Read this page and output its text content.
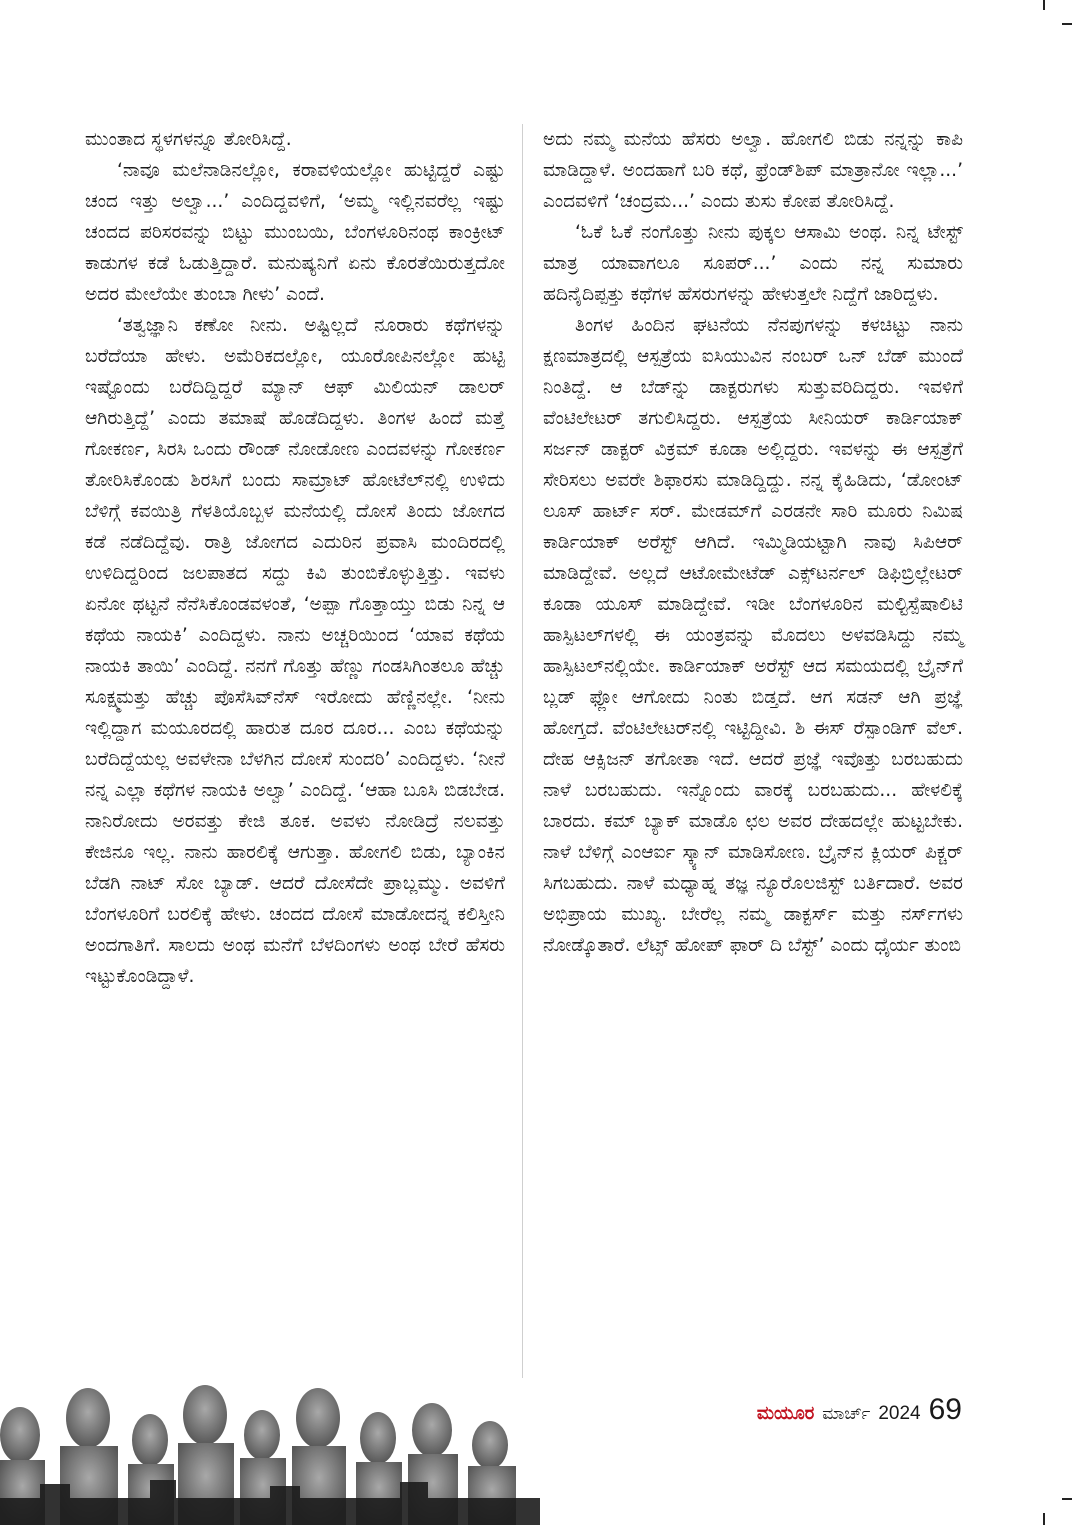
ಮುಂತಾದ ಸ್ಥಳಗಳನ್ನೂ ತೋರಿಸಿದ್ದೆ.

‘ನಾವೂ ಮಲೆನಾಡಿನಲ್ಲೋ, ಕರಾವಳಿಯಲ್ಲೋ ಹುಟ್ಟಿದ್ದರೆ ಎಷ್ಟು ಚಂದ ಇತ್ತು ಅಲ್ವಾ...’ ಎಂದಿದ್ದವಳಿಗೆ, ‘ಅಮ್ಮ ಇಲ್ಲಿನವರೆಲ್ಲ ಇಷ್ಟು ಚಂದದ ಪರಿಸರವನ್ನು ಬಿಟ್ಟು ಮುಂಬಯಿ, ಬೆಂಗಳೂರಿನಂಥ ಕಾಂಕ್ರೀಟ್ ಕಾಡುಗಳ ಕಡೆ ಓಡುತ್ತಿದ್ದಾರೆ. ಮನುಷ್ಯನಿಗೆ ಏನು ಕೊರತೆಯಿರುತ್ತದೋ ಅದರ ಮೇಲೆಯೇ ತುಂಬಾ ಗೀಳು’ ಎಂದೆ.

‘ತತ್ವಜ್ಞಾನಿ ಕಣೋ ನೀನು. ಅಷ್ಟಿಲ್ಲದೆ ನೂರಾರು ಕಥೆಗಳನ್ನು ಬರೆದೆಯಾ ಹೇಳು. ಅಮೆರಿಕದಲ್ಲೋ, ಯೂರೋಪಿನಲ್ಲೋ ಹುಟ್ಟಿ ಇಷ್ಟೊಂದು ಬರೆದಿದ್ದಿದ್ದರೆ ಮ್ಯಾನ್ ಆಫ್ ಮಿಲಿಯನ್ ಡಾಲರ್ ಆಗಿರುತ್ತಿದ್ದೆ’ ಎಂದು ತಮಾಷೆ ಹೊಡೆದಿದ್ದಳು. ತಿಂಗಳ ಹಿಂದೆ ಮತ್ತೆ ಗೋಕರ್ಣ, ಸಿರಸಿ ಒಂದು ರೌಂಡ್ ನೋಡೋಣ ಎಂದವಳನ್ನು ಗೋಕರ್ಣ ತೋರಿಸಿಕೊಂಡು ಶಿರಸಿಗೆ ಬಂದು ಸಾಮ್ರಾಟ್ ಹೋಟೆಲ್‌ನಲ್ಲಿ ಉಳಿದು ಬೆಳಿಗ್ಗೆ ಕವಯಿತ್ರಿ ಗೆಳತಿಯೊಬ್ಬಳ ಮನೆಯಲ್ಲಿ ದೋಸೆ ತಿಂದು ಜೋಗದ ಕಡೆ ನಡೆದಿದ್ದೆವು. ರಾತ್ರಿ ಜೋಗದ ಎದುರಿನ ಪ್ರವಾಸಿ ಮಂದಿರದಲ್ಲಿ ಉಳಿದಿದ್ದರಿಂದ ಜಲಪಾತದ ಸದ್ದು ಕಿವಿ ತುಂಬಿಕೊಳ್ಳುತ್ತಿತ್ತು. ಇವಳು ಏನೋ ಥಟ್ಟನೆ ನೆನೆಸಿಕೊಂಡವಳಂತೆ, ‘ಅಪ್ಪಾ ಗೊತ್ತಾಯ್ತು ಬಿಡು ನಿನ್ನ ಆ ಕಥೆಯ ನಾಯಕಿ’ ಎಂದಿದ್ದಳು. ನಾನು ಅಚ್ಚರಿಯಿಂದ ‘ಯಾವ ಕಥೆಯ ನಾಯಕಿ ತಾಯಿ’ ಎಂದಿದ್ದೆ. ನನಗೆ ಗೊತ್ತು ಹೆಣ್ಣು ಗಂಡಸಿಗಿಂತಲೂ ಹೆಚ್ಚು ಸೂಕ್ಷ್ಮಮತ್ತು ಹೆಚ್ಚು ಪೊಸೆಸಿವ್‌ನೆಸ್ ಇರೋದು ಹೆಣ್ಣಿನಲ್ಲೇ. ‘ನೀನು ಇಲ್ಲಿದ್ದಾಗ ಮಯೂರದಲ್ಲಿ ಹಾರುತ ದೂರ ದೂರ... ಎಂಬ ಕಥೆಯನ್ನು ಬರೆದಿದ್ದೆಯಲ್ಲ ಅವಳೇನಾ ಬೆಳಗಿನ ದೋಸೆ ಸುಂದರಿ’ ಎಂದಿದ್ದಳು. ‘ನೀನೆ ನನ್ನ ಎಲ್ಲಾ ಕಥೆಗಳ ನಾಯಕಿ ಅಲ್ವಾ’ ಎಂದಿದ್ದೆ. ‘ಆಹಾ ಬೂಸಿ ಬಿಡಬೇಡ. ನಾನಿರೋದು ಅರವತ್ತು ಕೇಜಿ ತೂಕ. ಅವಳು ನೋಡಿದ್ರೆ ನಲವತ್ತು ಕೇಜಿನೂ ಇಲ್ಲ. ನಾನು ಹಾರಲಿಕ್ಕೆ ಆಗುತ್ತಾ. ಹೋಗಲಿ ಬಿಡು, ಬ್ಯಾಂಕಿನ ಬೆಡಗಿ ನಾಟ್ ಸೋ ಬ್ಯಾಡ್. ಆದರೆ ದೋಸೆದೇ ಪ್ರಾಬ್ಲಮ್ಮು. ಅವಳಿಗೆ ಬೆಂಗಳೂರಿಗೆ ಬರಲಿಕ್ಕೆ ಹೇಳು. ಚಂದದ ದೋಸೆ ಮಾಡೋದನ್ನ ಕಲಿಸ್ತೀನಿ ಅಂದಗಾತಿಗೆ. ಸಾಲದು ಅಂಥ ಮನೆಗೆ ಬೆಳದಿಂಗಳು ಅಂಥ ಬೇರೆ ಹೆಸರು ಇಟ್ಟುಕೊಂಡಿದ್ದಾಳೆ.

ಅದು ನಮ್ಮ ಮನೆಯ ಹೆಸರು ಅಲ್ವಾ. ಹೋಗಲಿ ಬಿಡು ನನ್ನನ್ನು ಕಾಪಿ ಮಾಡಿದ್ದಾಳೆ. ಅಂದಹಾಗೆ ಬರಿ ಕಥೆ, ಫ್ರೆಂಡ್‌ಶಿಪ್ ಮಾತ್ರಾನೋ ಇಲ್ಲಾ...’ ಎಂದವಳಿಗೆ ‘ಚಂದ್ರಮ...’ ಎಂದು ತುಸು ಕೋಪ ತೋರಿಸಿದ್ದೆ.

‘ಓಕೆ ಓಕೆ ನಂಗೊತ್ತು ನೀನು ಪುಕ್ಕಲ ಆಸಾಮಿ ಅಂಥ. ನಿನ್ನ ಟೇಸ್ಟ್ ಮಾತ್ರ ಯಾವಾಗಲೂ ಸೂಪರ್...’ ಎಂದು ನನ್ನ ಸುಮಾರು ಹದಿನೈದಿಪ್ಪತ್ತು ಕಥೆಗಳ ಹೆಸರುಗಳನ್ನು ಹೇಳುತ್ತಲೇ ನಿದ್ದೆಗೆ ಜಾರಿದ್ದಳು.

ತಿಂಗಳ ಹಿಂದಿನ ಘಟನೆಯ ನೆನಪುಗಳನ್ನು ಕಳಚಿಟ್ಟು ನಾನು ಕ್ಷಣಮಾತ್ರದಲ್ಲಿ ಆಸ್ಪತ್ರೆಯ ಐಸಿಯುವಿನ ನಂಬರ್ ಒನ್ ಬೆಡ್ ಮುಂದೆ ನಿಂತಿದ್ದೆ. ಆ ಬೆಡ್‌ನ್ನು ಡಾಕ್ಟರುಗಳು ಸುತ್ತುವರಿದಿದ್ದರು. ಇವಳಿಗೆ ವೆಂಟಿಲೇಟರ್ ತಗುಲಿಸಿದ್ದರು. ಆಸ್ಪತ್ರೆಯ ಸೀನಿಯರ್ ಕಾರ್ಡಿಯಾಕ್ ಸರ್ಜನ್ ಡಾಕ್ಟರ್ ವಿಕ್ರಮ್ ಕೂಡಾ ಅಲ್ಲಿದ್ದರು. ಇವಳನ್ನು ಈ ಆಸ್ಪತ್ರೆಗೆ ಸೇರಿಸಲು ಅವರೇ ಶಿಫಾರಸು ಮಾಡಿದ್ದಿದ್ದು. ನನ್ನ ಕೈಹಿಡಿದು, ‘ಡೋಂಟ್ ಲೂಸ್ ಹಾರ್ಟ್ ಸರ್. ಮೇಡಮ್‌ಗೆ ಎರಡನೇ ಸಾರಿ ಮೂರು ನಿಮಿಷ ಕಾರ್ಡಿಯಾಕ್ ಅರೆಸ್ಟ್ ಆಗಿದೆ. ಇಮ್ಮಿಡಿಯಟ್ಟಾಗಿ ನಾವು ಸಿಪಿಆರ್ ಮಾಡಿದ್ದೇವೆ. ಅಲ್ಲದೆ ಆಟೋಮೇಟೆಡ್ ಎಕ್ಸ್‌ಟರ್ನಲ್ ಡಿಫಿಬ್ರಿಲ್ಲೇಟರ್ ಕೂಡಾ ಯೂಸ್ ಮಾಡಿದ್ದೇವೆ. ಇಡೀ ಬೆಂಗಳೂರಿನ ಮಲ್ಟಿಸ್ಪೆಷಾಲಿಟಿ ಹಾಸ್ಪಿಟಲ್‌ಗಳಲ್ಲಿ ಈ ಯಂತ್ರವನ್ನು ಮೊದಲು ಅಳವಡಿಸಿದ್ದು ನಮ್ಮ ಹಾಸ್ಪಿಟಲ್‌ನಲ್ಲಿಯೇ. ಕಾರ್ಡಿಯಾಕ್ ಅರೆಸ್ಟ್ ಆದ ಸಮಯದಲ್ಲಿ ಬ್ರೈನ್‌ಗೆ ಬ್ಲಡ್ ಫ್ಲೋ ಆಗೋದು ನಿಂತು ಬಿಡ್ತದೆ. ಆಗ ಸಡನ್ ಆಗಿ ಪ್ರಜ್ಞೆ ಹೋಗ್ತದೆ. ವೆಂಟಿಲೇಟರ್‌ನಲ್ಲಿ ಇಟ್ಟಿದ್ದೀವಿ. ಶಿ ಈಸ್ ರೆಸ್ಪಾಂಡಿಗ್ ವೆಲ್. ದೇಹ ಆಕ್ಸಿಜನ್ ತಗೋತಾ ಇದೆ. ಆದರೆ ಪ್ರಜ್ಞೆ ಇವೊತ್ತು ಬರಬಹುದು ನಾಳೆ ಬರಬಹುದು. ಇನ್ನೊಂದು ವಾರಕ್ಕೆ ಬರಬಹುದು... ಹೇಳಲಿಕ್ಕೆ ಬಾರದು. ಕಮ್ ಬ್ಯಾಕ್ ಮಾಡೊ ಛಲ ಅವರ ದೇಹದಲ್ಲೇ ಹುಟ್ಟಬೇಕು. ನಾಳೆ ಬೆಳಿಗ್ಗೆ ಎಂಆರ್ಐ ಸ್ಕ್ಯಾನ್ ಮಾಡಿಸೋಣ. ಬ್ರೈನ್‌ನ ಕ್ಲಿಯರ್ ಪಿಕ್ಚರ್ ಸಿಗಬಹುದು. ನಾಳೆ ಮಧ್ಯಾಹ್ನ ತಜ್ಞ ನ್ಯೂರೊಲಜಿಸ್ಟ್ ಬರ್ತಿದಾರೆ. ಅವರ ಅಭಿಪ್ರಾಯ ಮುಖ್ಯ. ಬೇರೆಲ್ಲ ನಮ್ಮ ಡಾಕ್ಟರ್ಸ್ ಮತ್ತು ನರ್ಸ್‌ಗಳು ನೋಡ್ಕೊತಾರೆ. ಲೆಟ್ಸ್ ಹೋಪ್ ಫಾರ್ ದಿ ಬೆಸ್ಟ್’ ಎಂದು ಧೈರ್ಯ ತುಂಬಿ

ಮಯೂರ ಮಾರ್ಚ್ 2024 69
